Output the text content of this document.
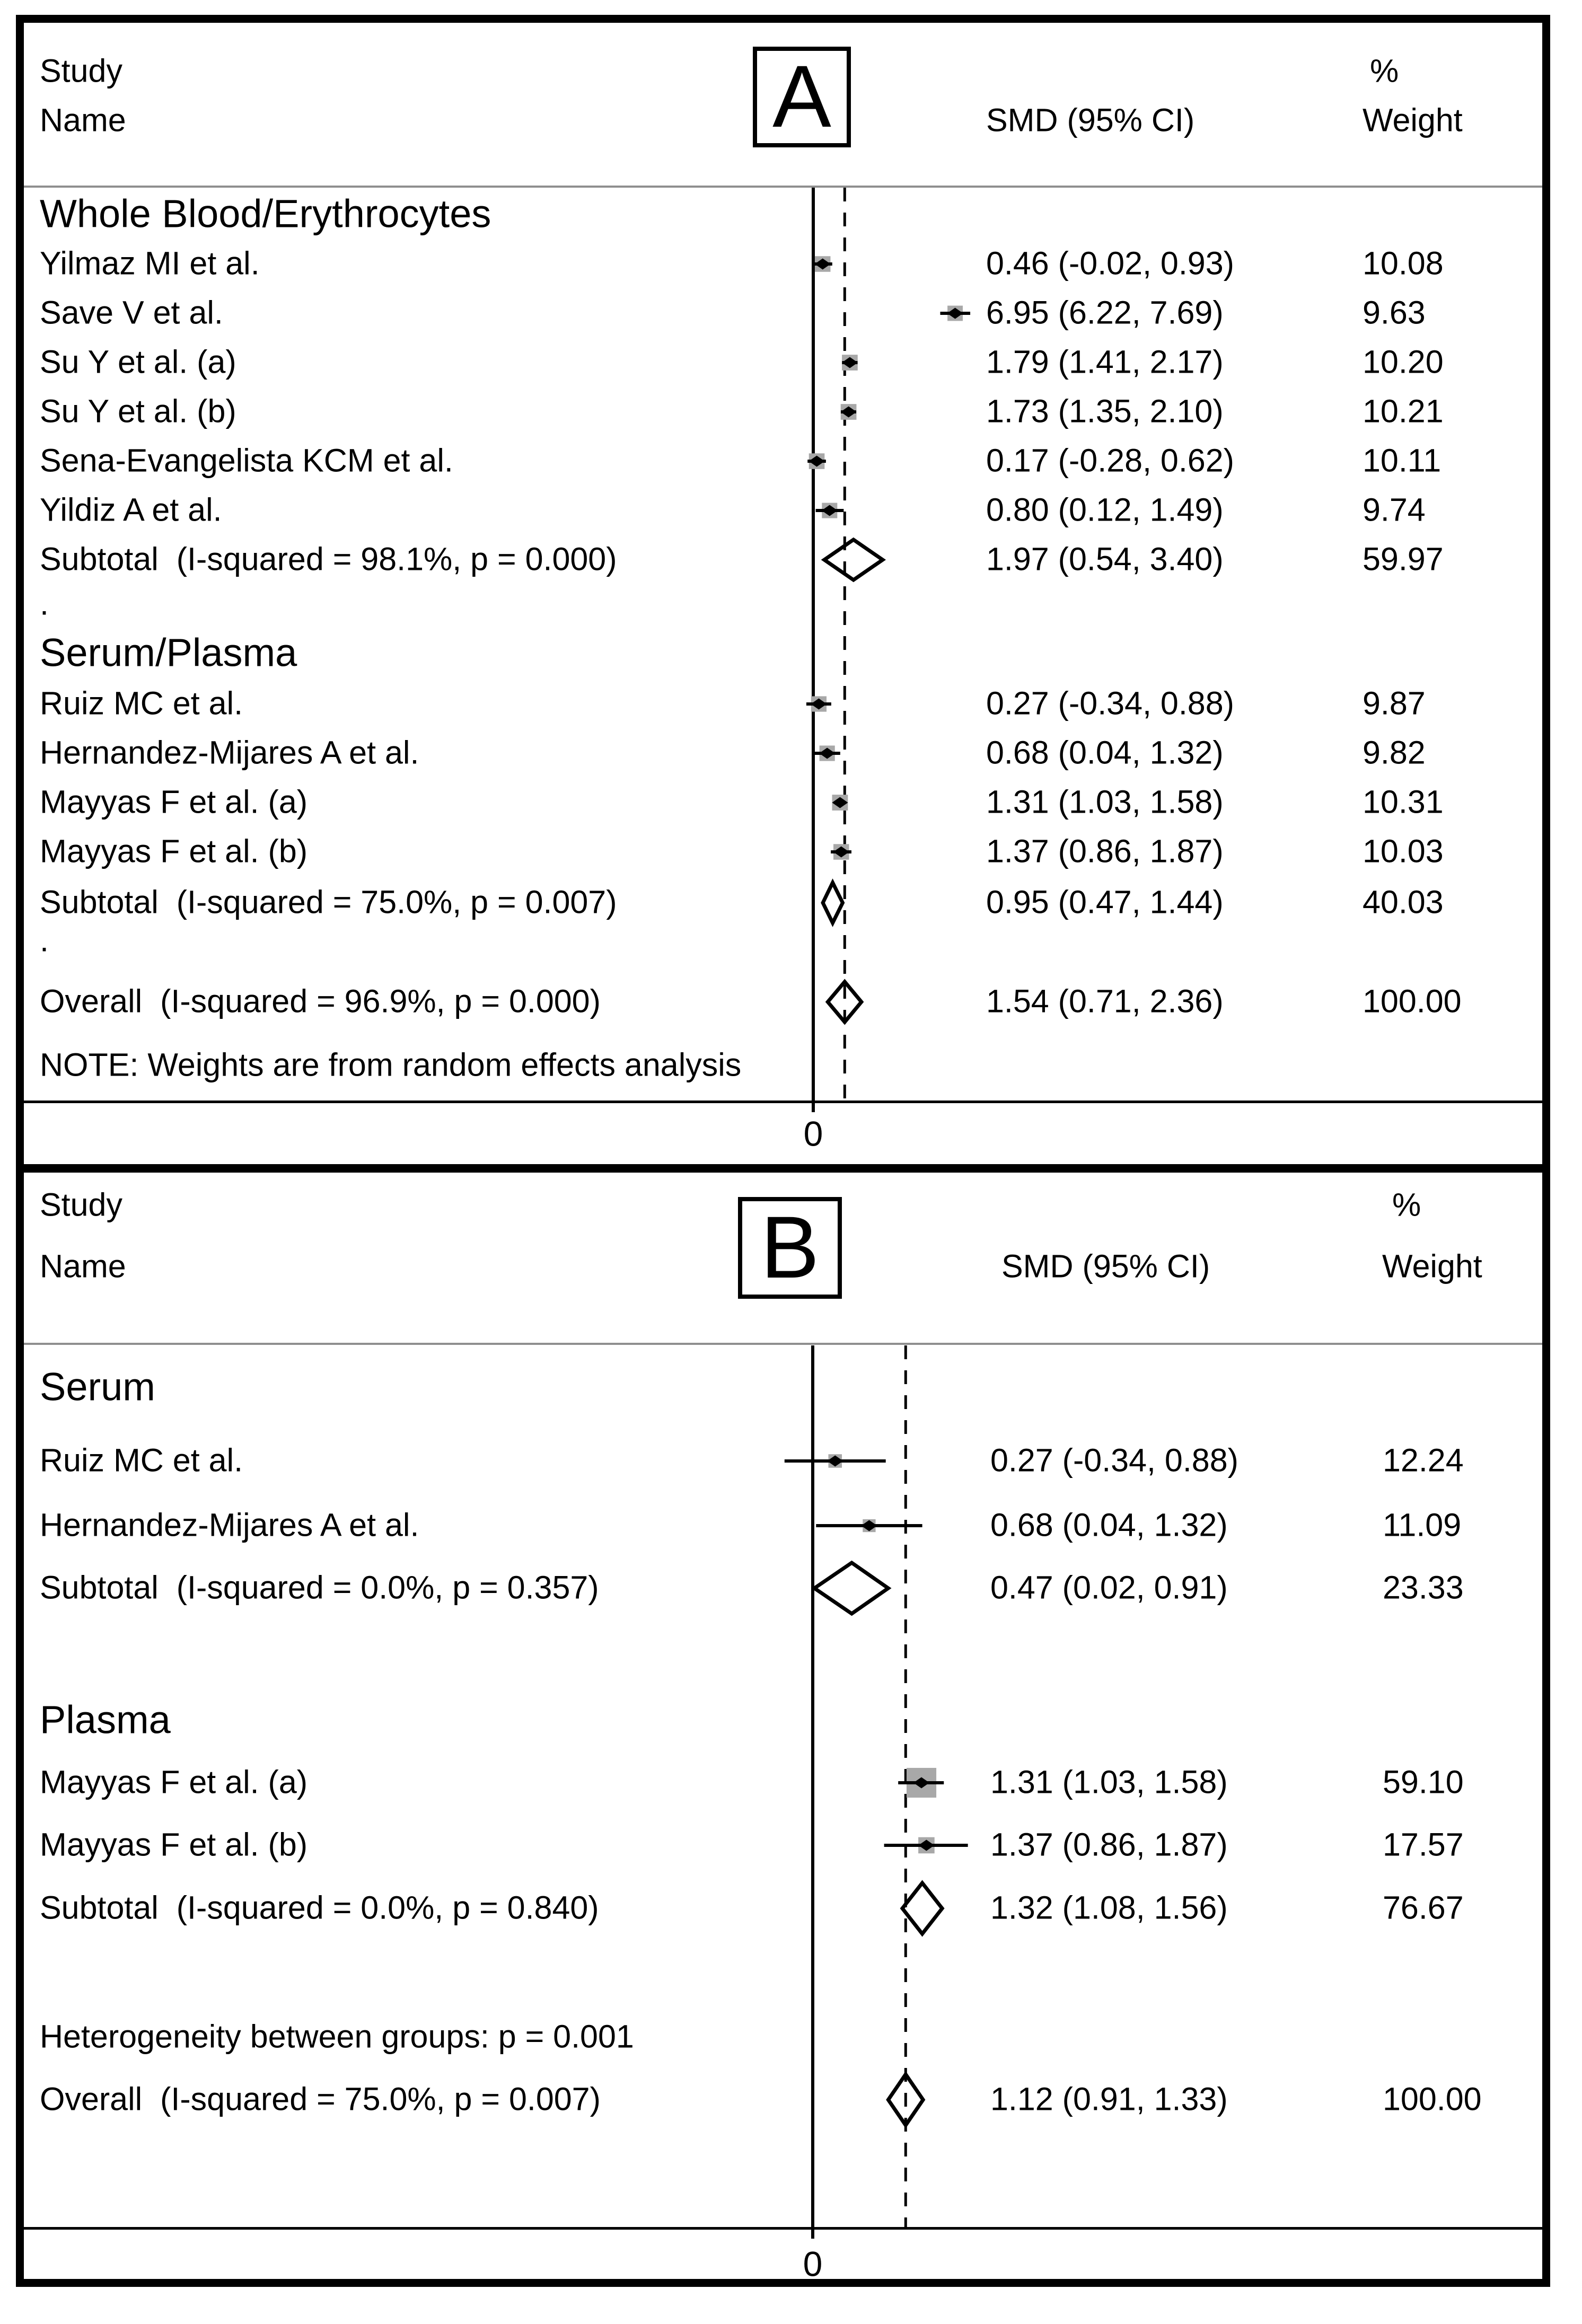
Study
Name	A	SMD (95% CI)
%
Weight
0
Study
Name	B	SMD (95% CI)
%
Weight
0
Whole Blood/Erythrocytes
Yilmaz MI et al.	0.46 (-0.02, 0.93)	10.08
Save V et al.	6.95 (6.22, 7.69)	9.63
Su Y et al. (a)	1.79 (1.41, 2.17)	10.20
Su Y et al. (b)	1.73 (1.35, 2.10)	10.21
Sena-Evangelista KCM et al.	0.17 (-0.28, 0.62)	10.11
Yildiz A et al.	0.80 (0.12, 1.49)	9.74
Subtotal  (I-squared = 98.1%, p = 0.000)	1.97 (0.54, 3.40)	59.97
.
Serum/Plasma
Ruiz MC et al.	0.27 (-0.34, 0.88)	9.87
Hernandez-Mijares A et al.	0.68 (0.04, 1.32)	9.82
Mayyas F et al. (a)	1.31 (1.03, 1.58)	10.31
Mayyas F et al. (b)	1.37 (0.86, 1.87)	10.03
Subtotal  (I-squared = 75.0%, p = 0.007)	0.95 (0.47, 1.44)	40.03
.
Overall  (I-squared = 96.9%, p = 0.000)	1.54 (0.71, 2.36)	100.00
NOTE: Weights are from random effects analysis
Serum
Ruiz MC et al.	0.27 (-0.34, 0.88)	12.24
Hernandez-Mijares A et al.	0.68 (0.04, 1.32)	11.09
Subtotal  (I-squared = 0.0%, p = 0.357)	0.47 (0.02, 0.91)	23.33
Plasma
Mayyas F et al. (a)	1.31 (1.03, 1.58)	59.10
Mayyas F et al. (b)	1.37 (0.86, 1.87)	17.57
Subtotal  (I-squared = 0.0%, p = 0.840)	1.32 (1.08, 1.56)	76.67
Heterogeneity between groups: p = 0.001
Overall  (I-squared = 75.0%, p = 0.007)	1.12 (0.91, 1.33)	100.00
